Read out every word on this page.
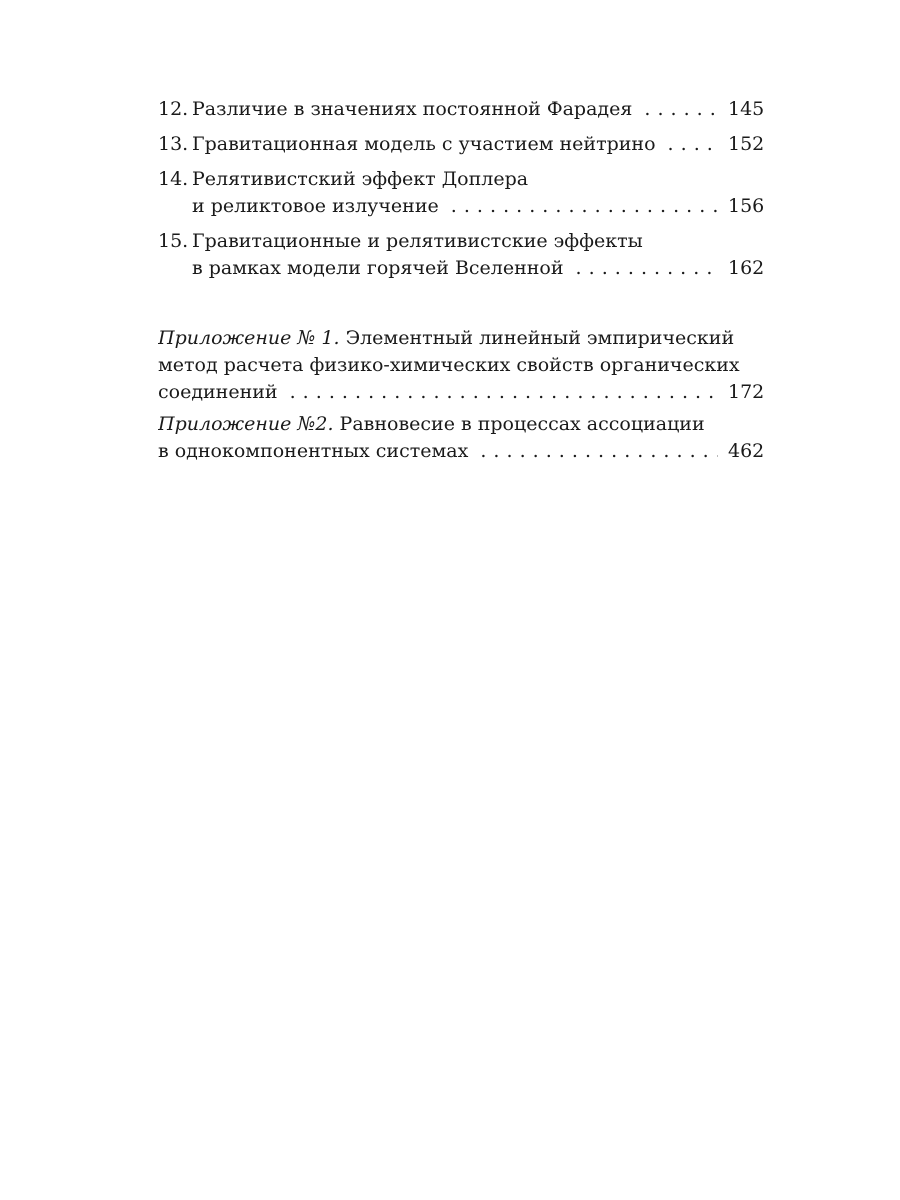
12. Различие в значениях постоянной Фарадея . . .	145
13. Гравитационная модель с участием нейтрино . . .	152
14. Релятивистский эффект Доплера
и реликтовое излучение . . .	156
15. Гравитационные и релятивистские эффекты
в рамках модели горячей Вселенной . . .	162
Приложение № 1. Элементный линейный эмпирический
метод расчета физико-химических свойств органических
соединений . . .	172
Приложение №2. Равновесие в процессах ассоциации
в однокомпонентных системах . . .	462
